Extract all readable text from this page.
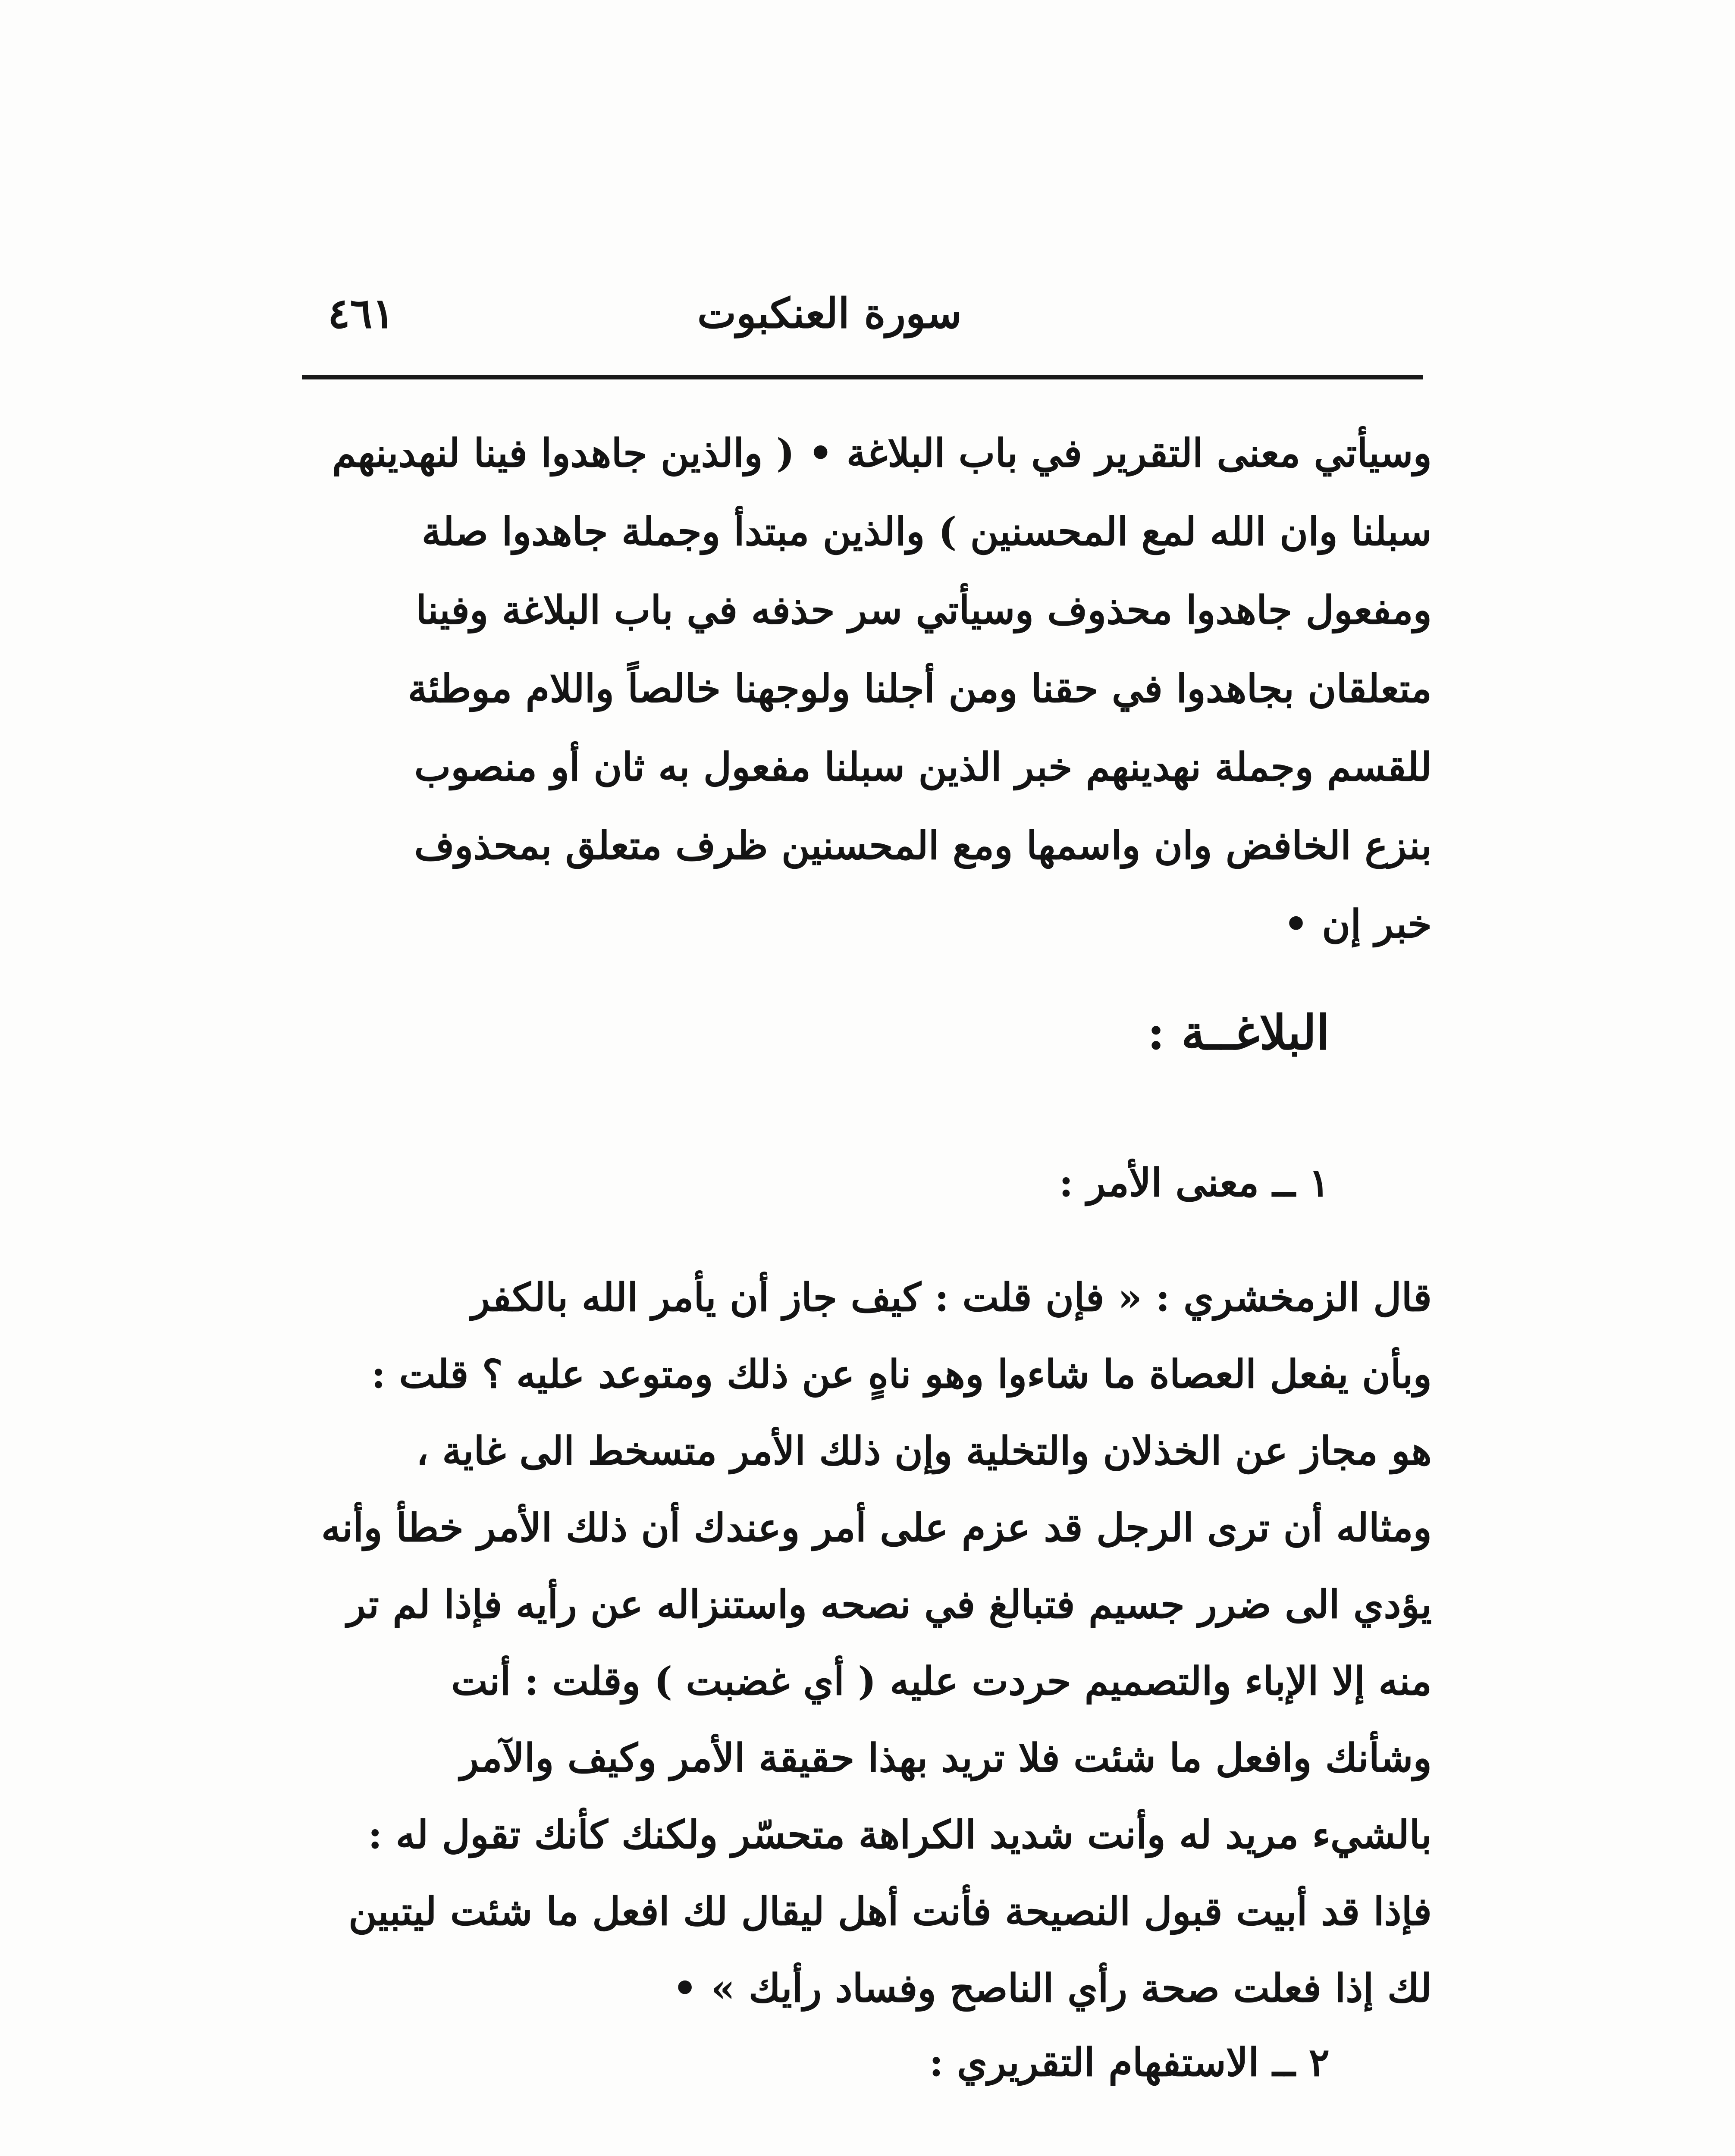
سورة العنكبوت
٤٦١
وسيأتي معنى التقرير في باب البلاغة • ( والذين جاهدوا فينا لنهدينهم
سبلنا وان الله لمع المحسنين ) والذين مبتدأ وجملة جاهدوا صلة
ومفعول جاهدوا محذوف وسيأتي سر حذفه في باب البلاغة وفينا
متعلقان بجاهدوا في حقنا ومن أجلنا ولوجهنا خالصاً واللام موطئة
للقسم وجملة نهدينهم خبر الذين سبلنا مفعول به ثان أو منصوب
بنزع الخافض وان واسمها ومع المحسنين ظرف متعلق بمحذوف
خبر إن •
البلاغــة :
١ ــ معنى الأمر :
قال الزمخشري : « فإن قلت : كيف جاز أن يأمر الله بالكفر
وبأن يفعل العصاة ما شاءوا وهو ناهٍ عن ذلك ومتوعد عليه ؟ قلت :
هو مجاز عن الخذلان والتخلية وإن ذلك الأمر متسخط الى غاية ،
ومثاله أن ترى الرجل قد عزم على أمر وعندك أن ذلك الأمر خطأ وأنه
يؤدي الى ضرر جسيم فتبالغ في نصحه واستنزاله عن رأيه فإذا لم تر
منه إلا الإباء والتصميم حردت عليه ( أي غضبت ) وقلت : أنت
وشأنك وافعل ما شئت فلا تريد بهذا حقيقة الأمر وكيف والآمر
بالشيء مريد له وأنت شديد الكراهة متحسّر ولكنك كأنك تقول له :
فإذا قد أبيت قبول النصيحة فأنت أهل ليقال لك افعل ما شئت ليتبين
لك إذا فعلت صحة رأي الناصح وفساد رأيك » •
٢ ــ الاستفهام التقريري :
